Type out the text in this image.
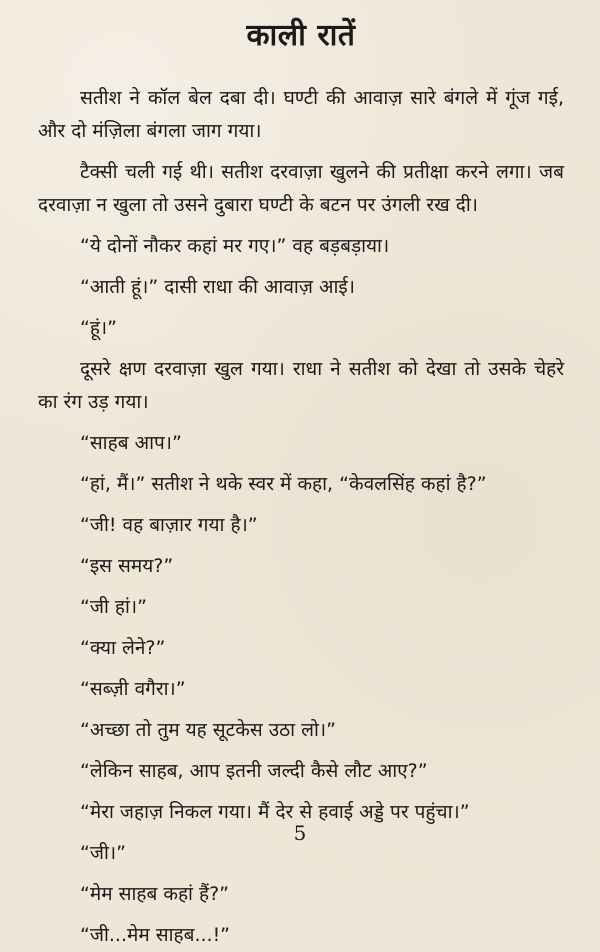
काली रातें

सतीश ने कॉल बेल दबा दी। घण्टी की आवाज़ सारे बंगले में गूंज गई, और दो मंज़िला बंगला जाग गया।

टैक्सी चली गई थी। सतीश दरवाज़ा खुलने की प्रतीक्षा करने लगा। जब दरवाज़ा न खुला तो उसने दुबारा घण्टी के बटन पर उंगली रख दी।

“ये दोनों नौकर कहां मर गए।” वह बड़बड़ाया।

“आती हूं।” दासी राधा की आवाज़ आई।

“हूं।”

दूसरे क्षण दरवाज़ा खुल गया। राधा ने सतीश को देखा तो उसके चेहरे का रंग उड़ गया।

“साहब आप।”

“हां, मैं।” सतीश ने थके स्वर में कहा, “केवलसिंह कहां है?”

“जी! वह बाज़ार गया है।”

“इस समय?”

“जी हां।”

“क्या लेने?”

“सब्ज़ी वगैरा।”

“अच्छा तो तुम यह सूटकेस उठा लो।”

“लेकिन साहब, आप इतनी जल्दी कैसे लौट आए?”

“मेरा जहाज़ निकल गया। मैं देर से हवाई अड्डे पर पहुंचा।”

“जी।”

“मेम साहब कहां हैं?”

“जी...मेम साहब...!”

5
